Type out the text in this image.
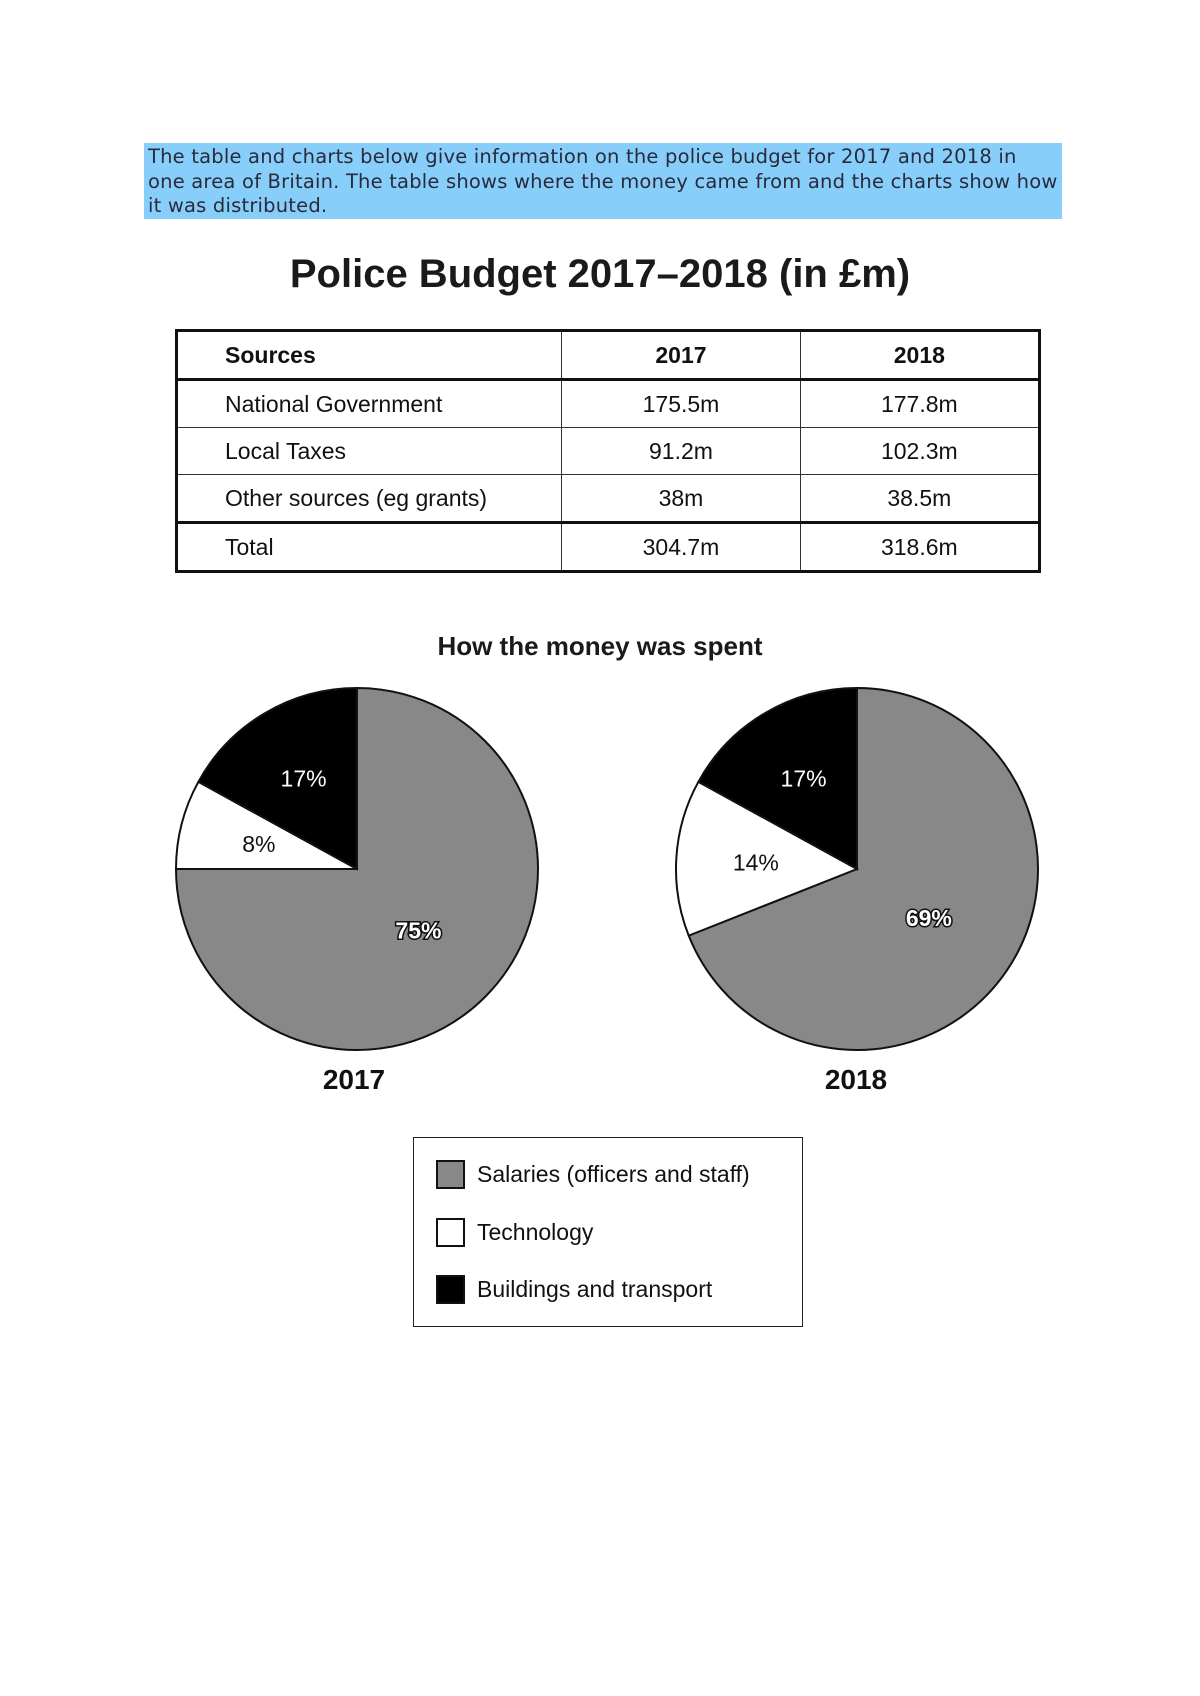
The table and charts below give information on the police budget for 2017 and 2018 in one area of Britain. The table shows where the money came from and the charts show how it was distributed.
Police Budget 2017–2018 (in £m)
Sources	2017	2018
National Government	175.5m	177.8m
Local Taxes	91.2m	102.3m
Other sources (eg grants)	38m	38.5m
Total	304.7m	318.6m
How the money was spent
75%
8%
17%
69%
14%
17%
2017	2018
Salaries (officers and staff)
Technology
Buildings and transport
